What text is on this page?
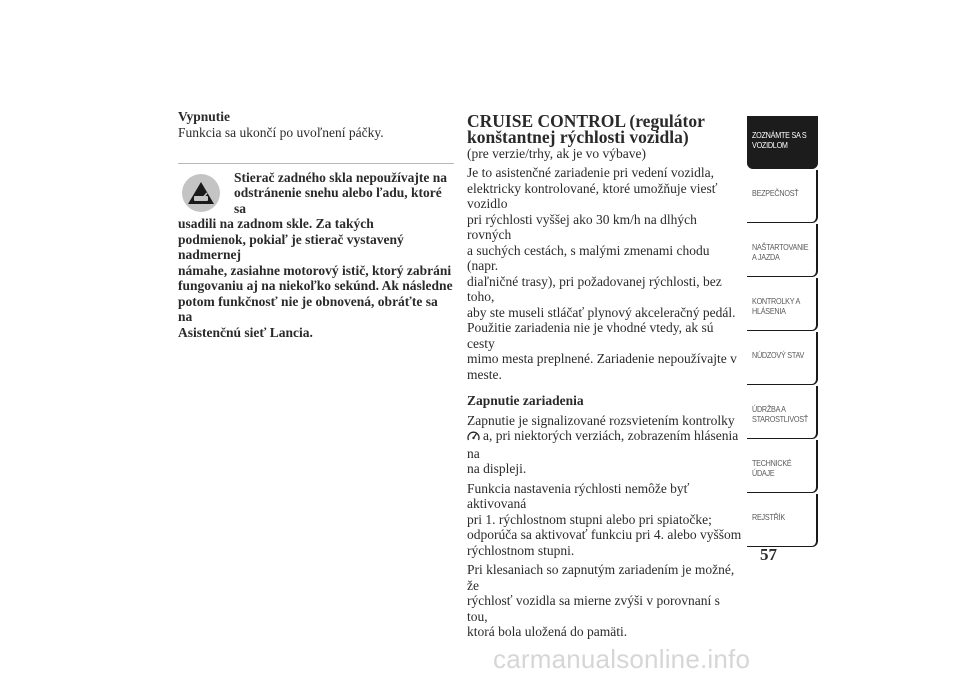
Vypnutie

Funkcia sa ukončí po uvoľnení páčky.

Stierač zadného skla nepoužívajte na
odstránenie snehu alebo ľadu, ktoré sa
usadili na zadnom skle. Za takých
podmienok, pokiaľ je stierač vystavený nadmernej
námahe, zasiahne motorový istič, ktorý zabráni
fungovaniu aj na niekoľko sekúnd. Ak následne
potom funkčnosť nie je obnovená, obráťte sa na
Asistenčnú sieť Lancia.

CRUISE CONTROL (regulátor
konštantnej rýchlosti vozidla)

(pre verzie/trhy, ak je vo výbave)

Je to asistenčné zariadenie pri vedení vozidla,
elektricky kontrolované, ktoré umožňuje viesť vozidlo
pri rýchlosti vyššej ako 30 km/h na dlhých rovných
a suchých cestách, s malými zmenami chodu (napr.
diaľničné trasy), pri požadovanej rýchlosti, bez toho,
aby ste museli stláčať plynový akceleračný pedál.
Použitie zariadenia nie je vhodné vtedy, ak sú cesty
mimo mesta preplnené. Zariadenie nepoužívajte v
meste.

Zapnutie zariadenia

Zapnutie je signalizované rozsvietením kontrolky
a, pri niektorých verziách, zobrazením hlásenia na
na displeji.
Funkcia nastavenia rýchlosti nemôže byť aktivovaná
pri 1. rýchlostnom stupni alebo pri spiatočke;
odporúča sa aktivovať funkciu pri 4. alebo vyššom
rýchlostnom stupni.
Pri klesaniach so zapnutým zariadením je možné, že
rýchlosť vozidla sa mierne zvýši v porovnaní s tou,
ktorá bola uložená do pamäti.
ZOZNÁMTE SA S
VOZIDLOM
BEZPEČNOSŤ
NAŠTARTOVANIE
A JAZDA
KONTROLKY A
HLÁSENIA
NÚDZOVÝ STAV
ÚDRŽBA A
STAROSTLIVOSŤ
TECHNICKÉ
ÚDAJE
REJSTŘÍK
57
carmanualsonline.info
